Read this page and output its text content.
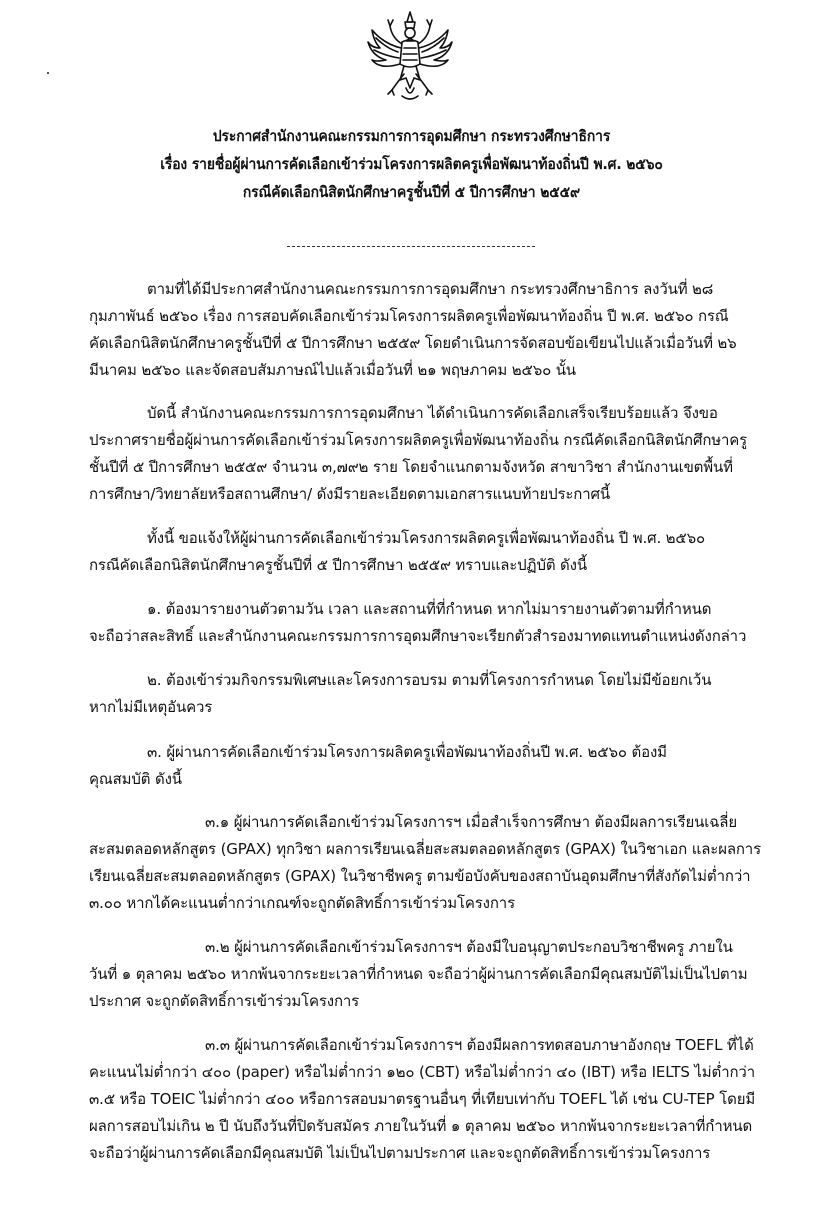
ประกาศสำนักงานคณะกรรมการการอุดมศึกษา กระทรวงศึกษาธิการ
เรื่อง รายชื่อผู้ผ่านการคัดเลือกเข้าร่วมโครงการผลิตครูเพื่อพัฒนาท้องถิ่นปี พ.ศ. ๒๕๖๐
กรณีคัดเลือกนิสิตนักศึกษาครูชั้นปีที่ ๕ ปีการศึกษา ๒๕๕๙
ตามที่ได้มีประกาศสำนักงานคณะกรรมการการอุดมศึกษา กระทรวงศึกษาธิการ ลงวันที่ ๒๘
กุมภาพันธ์ ๒๕๖๐ เรื่อง การสอบคัดเลือกเข้าร่วมโครงการผลิตครูเพื่อพัฒนาท้องถิ่น ปี พ.ศ. ๒๕๖๐ กรณี
คัดเลือกนิสิตนักศึกษาครูชั้นปีที่ ๕ ปีการศึกษา ๒๕๕๙ โดยดำเนินการจัดสอบข้อเขียนไปแล้วเมื่อวันที่ ๒๖
มีนาคม ๒๕๖๐ และจัดสอบสัมภาษณ์ไปแล้วเมื่อวันที่ ๒๑ พฤษภาคม ๒๕๖๐ นั้น
บัดนี้ สำนักงานคณะกรรมการการอุดมศึกษา ได้ดำเนินการคัดเลือกเสร็จเรียบร้อยแล้ว จึงขอ
ประกาศรายชื่อผู้ผ่านการคัดเลือกเข้าร่วมโครงการผลิตครูเพื่อพัฒนาท้องถิ่น กรณีคัดเลือกนิสิตนักศึกษาครู
ชั้นปีที่ ๕ ปีการศึกษา ๒๕๕๙ จำนวน ๓,๗๙๒ ราย โดยจำแนกตามจังหวัด สาขาวิชา สำนักงานเขตพื้นที่
การศึกษา/วิทยาลัยหรือสถานศึกษา/ ดังมีรายละเอียดตามเอกสารแนบท้ายประกาศนี้
ทั้งนี้ ขอแจ้งให้ผู้ผ่านการคัดเลือกเข้าร่วมโครงการผลิตครูเพื่อพัฒนาท้องถิ่น ปี พ.ศ. ๒๕๖๐
กรณีคัดเลือกนิสิตนักศึกษาครูชั้นปีที่ ๕ ปีการศึกษา ๒๕๕๙ ทราบและปฏิบัติ ดังนี้
๑. ต้องมารายงานตัวตามวัน เวลา และสถานที่ที่กำหนด หากไม่มารายงานตัวตามที่กำหนด
จะถือว่าสละสิทธิ์ และสำนักงานคณะกรรมการการอุดมศึกษาจะเรียกตัวสำรองมาทดแทนตำแหน่งดังกล่าว
๒. ต้องเข้าร่วมกิจกรรมพิเศษและโครงการอบรม ตามที่โครงการกำหนด โดยไม่มีข้อยกเว้น
หากไม่มีเหตุอันควร
๓. ผู้ผ่านการคัดเลือกเข้าร่วมโครงการผลิตครูเพื่อพัฒนาท้องถิ่นปี พ.ศ. ๒๕๖๐ ต้องมี
คุณสมบัติ ดังนี้
๓.๑ ผู้ผ่านการคัดเลือกเข้าร่วมโครงการฯ เมื่อสำเร็จการศึกษา ต้องมีผลการเรียนเฉลี่ย
สะสมตลอดหลักสูตร (GPAX) ทุกวิชา ผลการเรียนเฉลี่ยสะสมตลอดหลักสูตร (GPAX) ในวิชาเอก และผลการ
เรียนเฉลี่ยสะสมตลอดหลักสูตร (GPAX) ในวิชาชีพครู ตามข้อบังคับของสถาบันอุดมศึกษาที่สังกัดไม่ต่ำกว่า
๓.๐๐ หากได้คะแนนต่ำกว่าเกณฑ์จะถูกตัดสิทธิ์การเข้าร่วมโครงการ
๓.๒ ผู้ผ่านการคัดเลือกเข้าร่วมโครงการฯ ต้องมีใบอนุญาตประกอบวิชาชีพครู ภายใน
วันที่ ๑ ตุลาคม ๒๕๖๐ หากพ้นจากระยะเวลาที่กำหนด จะถือว่าผู้ผ่านการคัดเลือกมีคุณสมบัติไม่เป็นไปตาม
ประกาศ จะถูกตัดสิทธิ์การเข้าร่วมโครงการ
๓.๓ ผู้ผ่านการคัดเลือกเข้าร่วมโครงการฯ ต้องมีผลการทดสอบภาษาอังกฤษ TOEFL ที่ได้
คะแนนไม่ต่ำกว่า ๔๐๐ (paper) หรือไม่ต่ำกว่า ๑๒๐ (CBT) หรือไม่ต่ำกว่า ๔๐ (IBT) หรือ IELTS ไม่ต่ำกว่า
๓.๕ หรือ TOEIC ไม่ต่ำกว่า ๔๐๐ หรือการสอบมาตรฐานอื่นๆ ที่เทียบเท่ากับ TOEFL ได้ เช่น CU-TEP โดยมี
ผลการสอบไม่เกิน ๒ ปี นับถึงวันที่ปิดรับสมัคร ภายในวันที่ ๑ ตุลาคม ๒๕๖๐ หากพ้นจากระยะเวลาที่กำหนด
จะถือว่าผู้ผ่านการคัดเลือกมีคุณสมบัติ ไม่เป็นไปตามประกาศ และจะถูกตัดสิทธิ์การเข้าร่วมโครงการ
